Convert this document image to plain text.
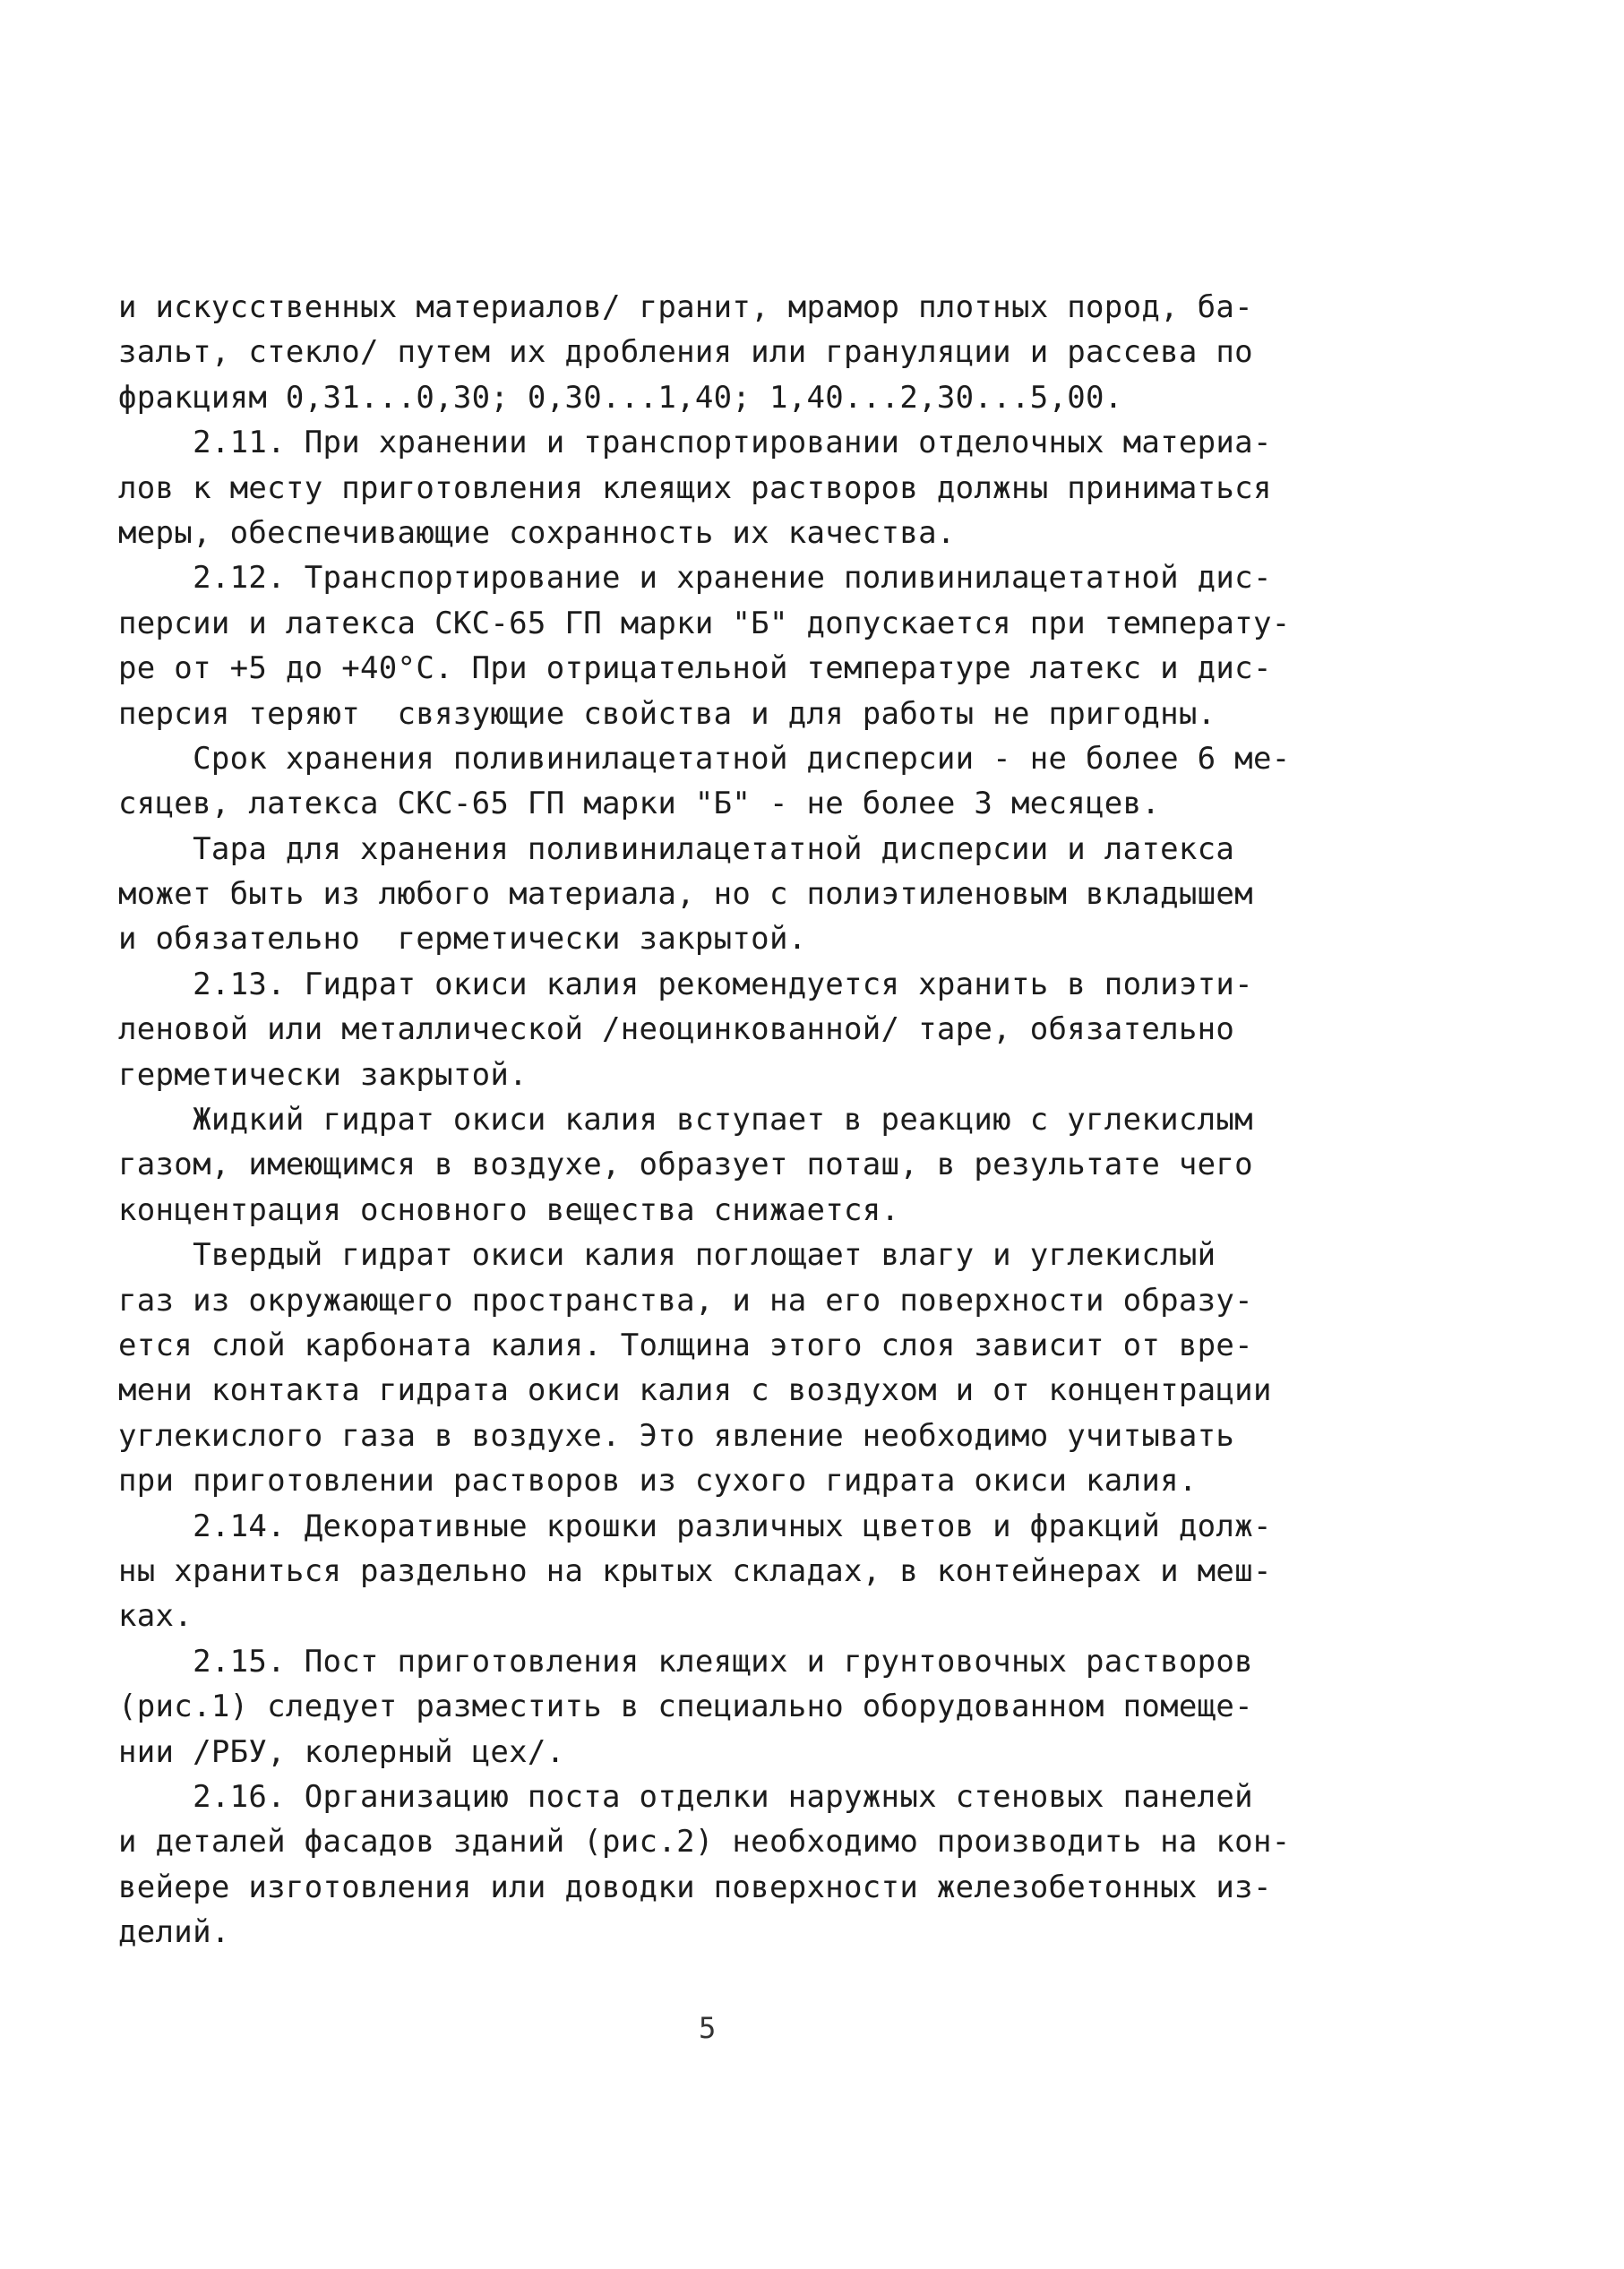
и искусственных материалов/ гранит, мрамор плотных пород, ба-
зальт, стекло/ путем их дробления или грануляции и рассева по
фракциям 0,31...0,30; 0,30...1,40; 1,40...2,30...5,00.
2.11. При хранении и транспортировании отделочных материа-
лов к месту приготовления клеящих растворов должны приниматься
меры, обеспечивающие сохранность их качества.
2.12. Транспортирование и хранение поливинилацетатной дис-
персии и латекса СКС-65 ГП марки "Б" допускается при температу-
ре от +5 до +40°С. При отрицательной температуре латекс и дис-
персия теряют  связующие свойства и для работы не пригодны.
Срок хранения поливинилацетатной дисперсии - не более 6 ме-
сяцев, латекса СКС-65 ГП марки "Б" - не более 3 месяцев.
Тара для хранения поливинилацетатной дисперсии и латекса
может быть из любого материала, но с полиэтиленовым вкладышем
и обязательно  герметически закрытой.
2.13. Гидрат окиси калия рекомендуется хранить в полиэти-
леновой или металлической /неоцинкованной/ таре, обязательно
герметически закрытой.
Жидкий гидрат окиси калия вступает в реакцию с углекислым
газом, имеющимся в воздухе, образует поташ, в результате чего
концентрация основного вещества снижается.
Твердый гидрат окиси калия поглощает влагу и углекислый
газ из окружающего пространства, и на его поверхности образу-
ется слой карбоната калия. Толщина этого слоя зависит от вре-
мени контакта гидрата окиси калия с воздухом и от концентрации
углекислого газа в воздухе. Это явление необходимо учитывать
при приготовлении растворов из сухого гидрата окиси калия.
2.14. Декоративные крошки различных цветов и фракций долж-
ны храниться раздельно на крытых складах, в контейнерах и меш-
ках.
2.15. Пост приготовления клеящих и грунтовочных растворов
(рис.1) следует разместить в специально оборудованном помеще-
нии /РБУ, колерный цех/.
2.16. Организацию поста отделки наружных стеновых панелей
и деталей фасадов зданий (рис.2) необходимо производить на кон-
вейере изготовления или доводки поверхности железобетонных из-
делий.
5
